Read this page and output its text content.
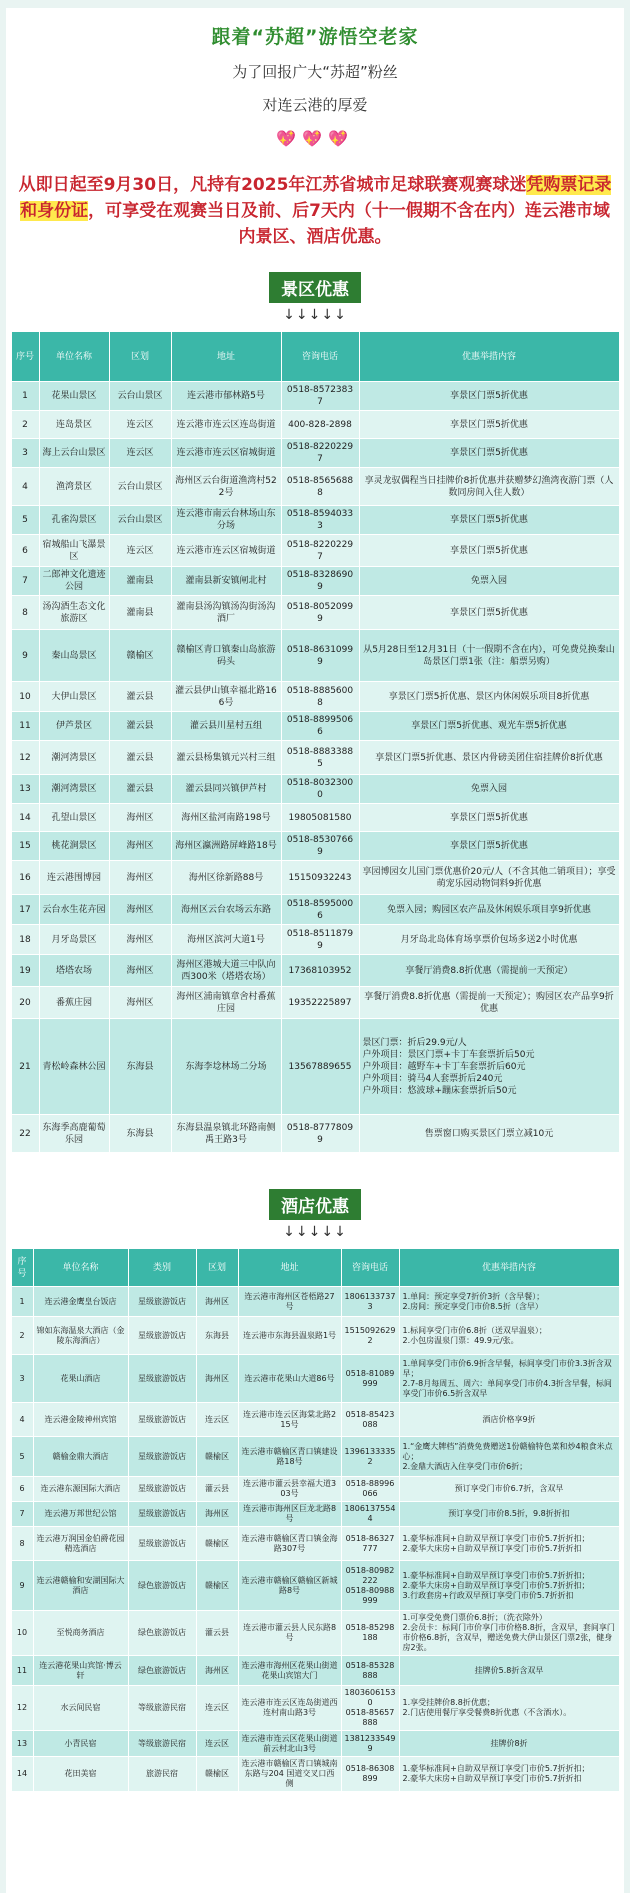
跟着“苏超”游悟空老家
为了回报广大“苏超”粉丝
对连云港的厚爱
💖💖💖
从即日起至9月30日，凡持有2025年江苏省城市足球联赛观赛球迷凭购票记录和身份证，可享受在观赛当日及前、后7天内（十一假期不含在内）连云港市域内景区、酒店优惠。
景区优惠
↓↓↓↓↓
序号	单位名称	区划	地址	咨询电话	优惠举措内容
1	花果山景区	云台山景区	连云港市郁林路5号	0518-85723837	享景区门票5折优惠
2	连岛景区	连云区	连云港市连云区连岛街道	400-828-2898	享景区门票5折优惠
3	海上云台山景区	连云区	连云港市连云区宿城街道	0518-82202297	享景区门票5折优惠
4	渔湾景区	云台山景区	海州区云台街道渔湾村522号	0518-85656888	享灵龙驭偶程当日挂牌价8折优惠并获赠梦幻渔湾夜游门票（人数同房间入住人数）
5	孔雀沟景区	云台山景区	连云港市南云台林场山东分场	0518-85940333	享景区门票5折优惠
6	宿城船山飞瀑景区	连云区	连云港市连云区宿城街道	0518-82202297	享景区门票5折优惠
7	二郎神文化遗迹公园	灌南县	灌南县新安镇闸北村	0518-83286909	免票入园
8	汤沟酒生态文化旅游区	灌南县	灌南县汤沟镇汤沟街汤沟酒厂	0518-80520999	享景区门票5折优惠
9	秦山岛景区	赣榆区	赣榆区青口镇秦山岛旅游码头	0518-86310999	从5月28日至12月31日（十一假期不含在内），可免费兑换秦山岛景区门票1张（注：船票另购）
10	大伊山景区	灌云县	灌云县伊山镇幸福北路166号	0518-88856008	享景区门票5折优惠、景区内休闲娱乐项目8折优惠
11	伊芦景区	灌云县	灌云县川星村五组	0518-88995066	享景区门票5折优惠、观光车票5折优惠
12	潮河湾景区	灌云县	灌云县杨集镇元兴村三组	0518-88833885	享景区门票5折优惠、景区内骨磅美团住宿挂牌价8折优惠
13	潮河湾景区	灌云县	灌云县同兴镇伊芦村	0518-80323000	免票入园
14	孔望山景区	海州区	海州区盐河南路198号	19805081580	享景区门票5折优惠
15	桃花涧景区	海州区	海州区瀛洲路屏峰路18号	0518-85307669	享景区门票5折优惠
16	连云港围博园	海州区	海州区徐新路88号	15150932243	享园博园女儿国门票优惠价20元/人（不含其他二销项目）；享受萌宠乐园动物饲料9折优惠
17	云台水生花卉园	海州区	海州区云台农场云东路	0518-85950006	免票入园；购园区农产品及休闲娱乐项目享9折优惠
18	月牙岛景区	海州区	海州区滨河大道1号	0518-85118799	月牙岛北岛体育场享票价包场多送2小时优惠
19	塔塔农场	海州区	海州区港城大道三中队向西300米（塔塔农场）	17368103952	享餐厅消费8.8折优惠（需提前一天预定）
20	番蕉庄园	海州区	海州区浦南镇章舍村番蕉庄园	19352225897	享餐厅消费8.8折优惠（需提前一天预定）；购园区农产品享9折优惠
21	青松岭森林公园	东海县	东海李埝林场二分场	13567889655	景区门票：折后29.9元/人
户外项目：景区门票+卡丁车套票折后50元
户外项目：越野车+卡丁车套票折后60元
户外项目：骑马4人套票折后240元
户外项目：悠波球+蹦床套票折后50元
22	东海季高鹿葡萄乐园	东海县	东海县温泉镇北环路南侧禹王路3号	0518-87778099	售票窗口购买景区门票立减10元
酒店优惠
↓↓↓↓↓
序号	单位名称	类别	区划	地址	咨询电话	优惠举措内容
1	连云港金鹰皇台饭店	星级旅游饭店	海州区	连云港市海州区苍梧路27号	18061337373	1.单间：预定享受7折价3折（含早餐）；
2.房间：预定享受门市价8.5折（含早）
2	锦如东海温泉大酒店（金陵东海酒店）	星级旅游饭店	东海县	连云港市东海县温泉路1号	15150926292	1.标间享受门市价6.8折（送双早温泉）；
2.小包房温泉门票：49.9元/张。
3	花果山酒店	星级旅游饭店	海州区	连云港市花果山大道86号	0518-81089999	1.单间享受门市价6.9折含早餐，标间享受门市价3.3折含双早；
2.7-8月每周五、周六：单间享受门市价4.3折含早餐，标间享受门市价6.5折含双早
4	连云港金陵神州宾馆	星级旅游饭店	连云区	连云港市连云区海棠北路215号	0518-85423088	酒店价格享9折
5	赣榆金鼎大酒店	星级旅游饭店	赣榆区	连云港市赣榆区青口镇建设路18号	13961333352	1.“金鹰大牌档”消费免费赠送1份赣榆特色菜和炒4粮食米点心；
2.金鼎大酒店入住享受门市价6折；
6	连云港东源国际大酒店	星级旅游饭店	灌云县	连云港市灌云县幸福大道303号	0518-88996066	预订享受门市价6.7折，含双早
7	连云港万邦世纪公馆	星级旅游饭店	海州区	连云港市海州区巨龙北路8号	18061375544	预订享受门市价8.5折，9.8折折扣
8	连云港万润国金伯爵花园精选酒店	星级旅游饭店	赣榆区	连云港市赣榆区青口镇金海路307号	0518-86327777	1.豪华标准间+自助双早预订享受门市价5.7折折扣；
2.豪华大床房+自助双早预订享受门市价5.7折折扣
9	连云港赣榆和安湖国际大酒店	绿色旅游饭店	赣榆区	连云港市赣榆区赣榆区新城路8号	0518-80982222
0518-80988999	1.豪华标准间+自助双早预订享受门市价5.7折折扣；
2.豪华大床房+自助双早预订享受门市价5.7折折扣；
3.行政套房+行政双早预订享受门市价5.7折折扣
10	至悦商务酒店	绿色旅游饭店	灌云县	连云港市灌云县人民东路8号	0518-85298188	1.可享受免费门票价6.8折；（洗衣除外）
2.会员卡：标间门市价享门市价格8.8折，含双早，套间享门市价格6.8折，含双早，赠送免费大伊山景区门票2张，健身房2张。
11	连云港花果山宾馆·博云轩	绿色旅游饭店	海州区	连云港市海州区花果山街道花果山宾馆大门	0518-85328888	挂牌价5.8折含双早
12	水云间民宿	等级旅游民宿	连云区	连云港市连云区连岛街道西连村南山路3号	18036061530
0518-85657888	1.享受挂牌价8.8折优惠；
2.门店使用餐厅享受餐费8折优惠（不含酒水）。
13	小青民宿	等级旅游民宿	连云区	连云港市连云区花果山街道前云村北山3号	13812335499	挂牌价8折
14	花田美宿	旅游民宿	赣榆区	连云港市赣榆区青口镇城南东路与204 国道交叉口西侧	0518-86308899	1.豪华标准间+自助双早预订享受门市价5.7折折扣；
2.豪华大床房+自助双早预订享受门市价5.7折折扣
